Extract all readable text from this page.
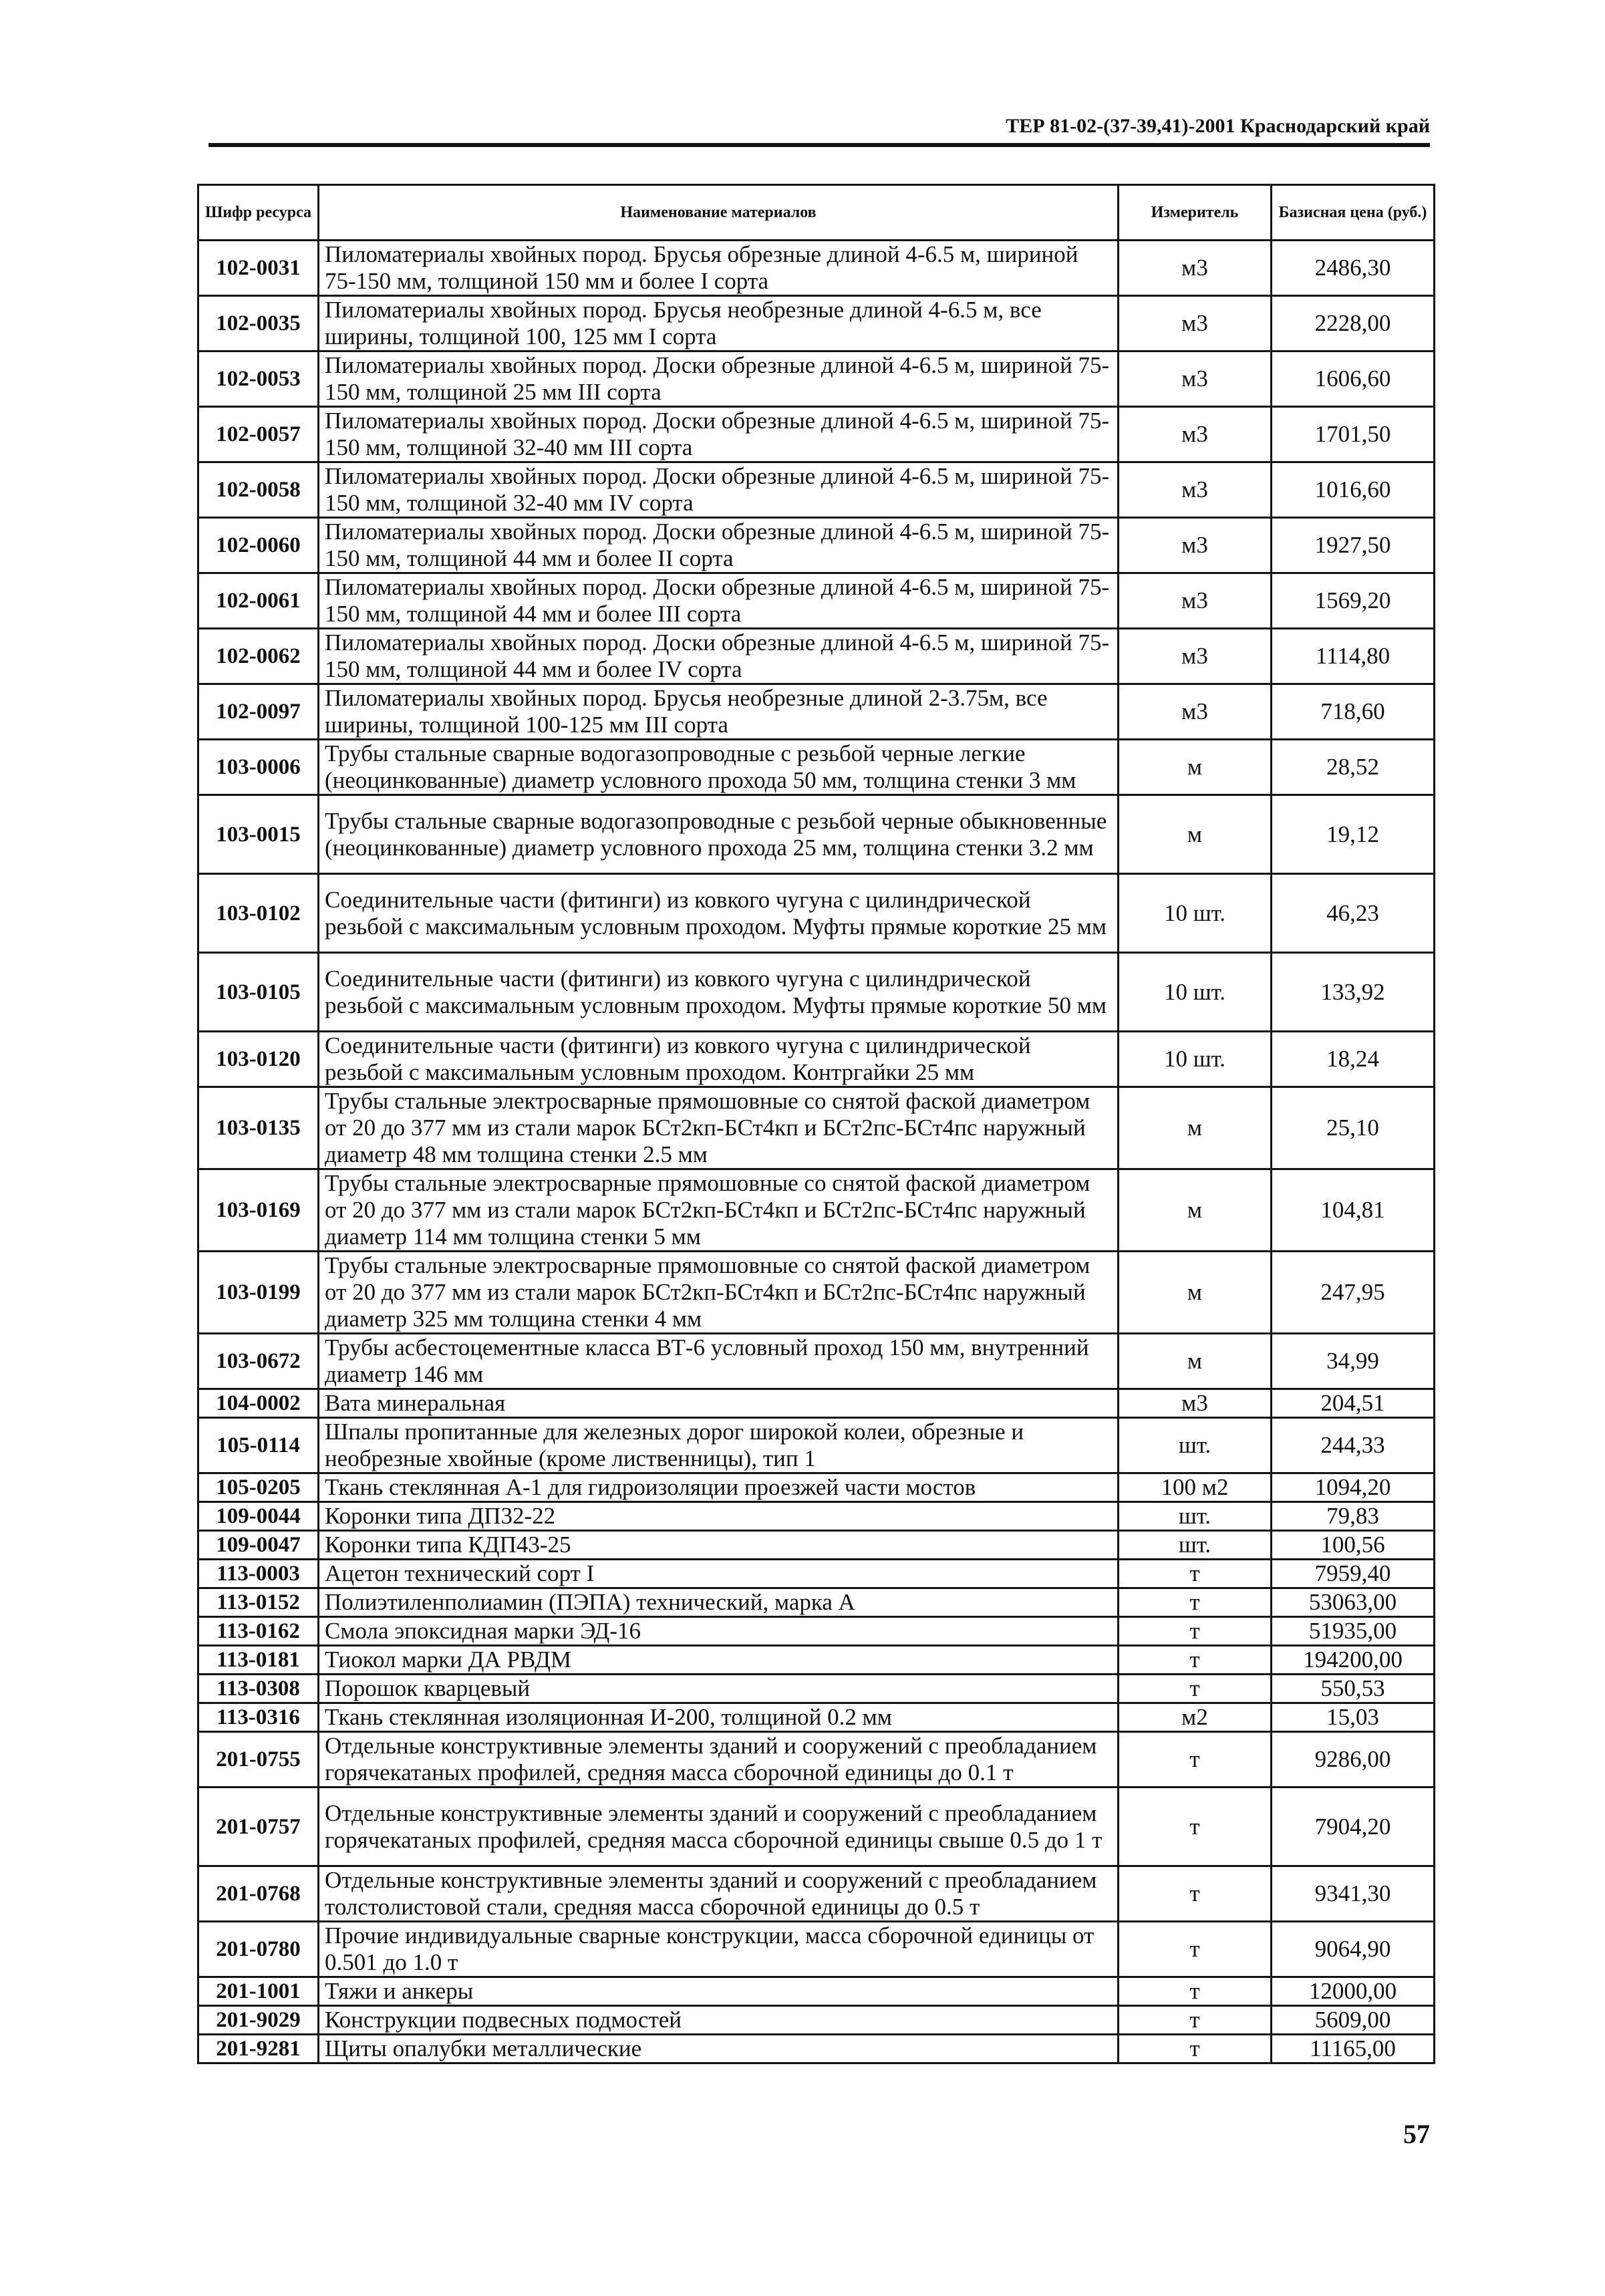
ТЕР 81-02-(37-39,41)-2001 Краснодарский край
Шифр ресурса	Наименование материалов	Измеритель	Базисная цена (руб.)
102-0031	Пиломатериалы хвойных пород. Брусья обрезные длиной 4-6.5 м, шириной 75-150 мм, толщиной 150 мм и более I сорта	м3	2486,30
102-0035	Пиломатериалы хвойных пород. Брусья необрезные длиной 4-6.5 м, все ширины, толщиной 100, 125 мм I сорта	м3	2228,00
102-0053	Пиломатериалы хвойных пород. Доски обрезные длиной 4-6.5 м, шириной 75-150 мм, толщиной 25 мм III сорта	м3	1606,60
102-0057	Пиломатериалы хвойных пород. Доски обрезные длиной 4-6.5 м, шириной 75-150 мм, толщиной 32-40 мм III сорта	м3	1701,50
102-0058	Пиломатериалы хвойных пород. Доски обрезные длиной 4-6.5 м, шириной 75-150 мм, толщиной 32-40 мм IV сорта	м3	1016,60
102-0060	Пиломатериалы хвойных пород. Доски обрезные длиной 4-6.5 м, шириной 75-150 мм, толщиной 44 мм и более II сорта	м3	1927,50
102-0061	Пиломатериалы хвойных пород. Доски обрезные длиной 4-6.5 м, шириной 75-150 мм, толщиной 44 мм и более III сорта	м3	1569,20
102-0062	Пиломатериалы хвойных пород. Доски обрезные длиной 4-6.5 м, шириной 75-150 мм, толщиной 44 мм и более IV сорта	м3	1114,80
102-0097	Пиломатериалы хвойных пород. Брусья необрезные длиной 2-3.75м, все ширины, толщиной 100-125 мм III сорта	м3	718,60
103-0006	Трубы стальные сварные водогазопроводные с резьбой черные легкие (неоцинкованные) диаметр условного прохода 50 мм, толщина стенки 3 мм	м	28,52
103-0015	Трубы стальные сварные водогазопроводные с резьбой черные обыкновенные (неоцинкованные) диаметр условного прохода 25 мм, толщина стенки 3.2 мм	м	19,12
103-0102	Соединительные части (фитинги) из ковкого чугуна с цилиндрической резьбой с максимальным условным проходом. Муфты прямые короткие 25 мм	10 шт.	46,23
103-0105	Соединительные части (фитинги) из ковкого чугуна с цилиндрической резьбой с максимальным условным проходом. Муфты прямые короткие 50 мм	10 шт.	133,92
103-0120	Соединительные части (фитинги) из ковкого чугуна с цилиндрической резьбой с максимальным условным проходом. Контргайки 25 мм	10 шт.	18,24
103-0135	Трубы стальные электросварные прямошовные со снятой фаской диаметром от 20 до 377 мм из стали марок БСт2кп-БСт4кп и БСт2пс-БСт4пс наружный диаметр 48 мм толщина стенки 2.5 мм	м	25,10
103-0169	Трубы стальные электросварные прямошовные со снятой фаской диаметром от 20 до 377 мм из стали марок БСт2кп-БСт4кп и БСт2пс-БСт4пс наружный диаметр 114 мм толщина стенки 5 мм	м	104,81
103-0199	Трубы стальные электросварные прямошовные со снятой фаской диаметром от 20 до 377 мм из стали марок БСт2кп-БСт4кп и БСт2пс-БСт4пс наружный диаметр 325 мм толщина стенки 4 мм	м	247,95
103-0672	Трубы асбестоцементные класса ВТ-6 условный проход 150 мм, внутренний диаметр 146 мм	м	34,99
104-0002	Вата минеральная	м3	204,51
105-0114	Шпалы пропитанные для железных дорог широкой колеи, обрезные и необрезные хвойные (кроме лиственницы), тип 1	шт.	244,33
105-0205	Ткань стеклянная А-1 для гидроизоляции проезжей части мостов	100 м2	1094,20
109-0044	Коронки типа ДП32-22	шт.	79,83
109-0047	Коронки типа КДП43-25	шт.	100,56
113-0003	Ацетон технический сорт I	т	7959,40
113-0152	Полиэтиленполиамин (ПЭПА) технический, марка А	т	53063,00
113-0162	Смола эпоксидная марки ЭД-16	т	51935,00
113-0181	Тиокол марки ДА РВДМ	т	194200,00
113-0308	Порошок кварцевый	т	550,53
113-0316	Ткань стеклянная изоляционная И-200, толщиной 0.2 мм	м2	15,03
201-0755	Отдельные конструктивные элементы зданий и сооружений с преобладанием горячекатаных профилей, средняя масса сборочной единицы до 0.1 т	т	9286,00
201-0757	Отдельные конструктивные элементы зданий и сооружений с преобладанием горячекатаных профилей, средняя масса сборочной единицы свыше 0.5 до 1 т	т	7904,20
201-0768	Отдельные конструктивные элементы зданий и сооружений с преобладанием толстолистовой стали, средняя масса сборочной единицы до 0.5 т	т	9341,30
201-0780	Прочие индивидуальные сварные конструкции, масса сборочной единицы от 0.501 до 1.0 т	т	9064,90
201-1001	Тяжи и анкеры	т	12000,00
201-9029	Конструкции подвесных подмостей	т	5609,00
201-9281	Щиты опалубки металлические	т	11165,00
57
